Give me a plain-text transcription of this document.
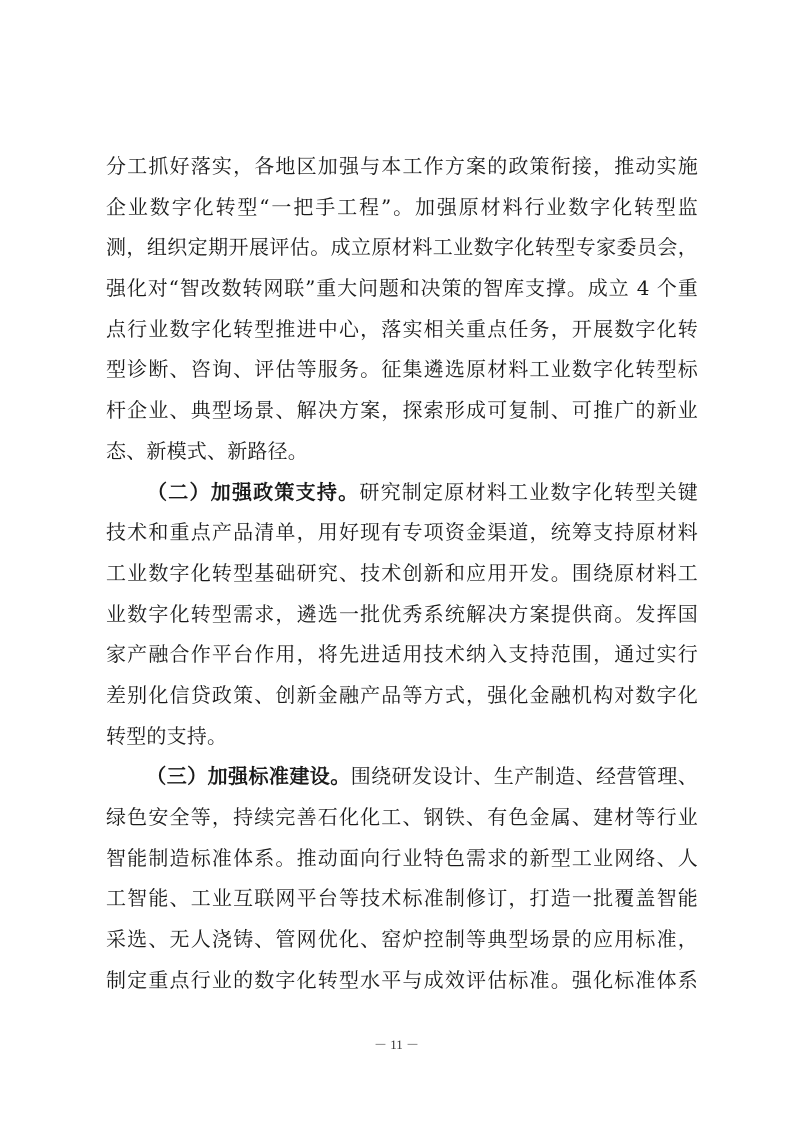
分工抓好落实，各地区加强与本工作方案的政策衔接，推动实施
企业数字化转型“一把手工程”。加强原材料行业数字化转型监
测，组织定期开展评估。成立原材料工业数字化转型专家委员会，
强化对“智改数转网联”重大问题和决策的智库支撑。成立 4 个重
点行业数字化转型推进中心，落实相关重点任务，开展数字化转
型诊断、咨询、评估等服务。征集遴选原材料工业数字化转型标
杆企业、典型场景、解决方案，探索形成可复制、可推广的新业
态、新模式、新路径。
（二）加强政策支持。研究制定原材料工业数字化转型关键
技术和重点产品清单，用好现有专项资金渠道，统筹支持原材料
工业数字化转型基础研究、技术创新和应用开发。围绕原材料工
业数字化转型需求，遴选一批优秀系统解决方案提供商。发挥国
家产融合作平台作用，将先进适用技术纳入支持范围，通过实行
差别化信贷政策、创新金融产品等方式，强化金融机构对数字化
转型的支持。
（三）加强标准建设。围绕研发设计、生产制造、经营管理、
绿色安全等，持续完善石化化工、钢铁、有色金属、建材等行业
智能制造标准体系。推动面向行业特色需求的新型工业网络、人
工智能、工业互联网平台等技术标准制修订，打造一批覆盖智能
采选、无人浇铸、管网优化、窑炉控制等典型场景的应用标准，
制定重点行业的数字化转型水平与成效评估标准。强化标准体系
－ 11 －
